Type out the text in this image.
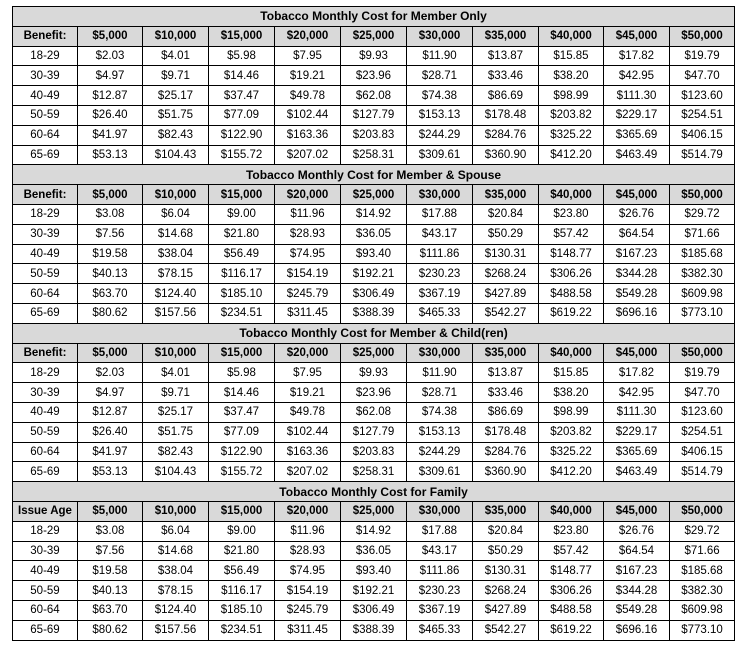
Tobacco Monthly Cost for Member Only										
Benefit:	$5,000	$10,000	$15,000	$20,000	$25,000	$30,000	$35,000	$40,000	$45,000	$50,000
18-29	$2.03	$4.01	$5.98	$7.95	$9.93	$11.90	$13.87	$15.85	$17.82	$19.79
30-39	$4.97	$9.71	$14.46	$19.21	$23.96	$28.71	$33.46	$38.20	$42.95	$47.70
40-49	$12.87	$25.17	$37.47	$49.78	$62.08	$74.38	$86.69	$98.99	$111.30	$123.60
50-59	$26.40	$51.75	$77.09	$102.44	$127.79	$153.13	$178.48	$203.82	$229.17	$254.51
60-64	$41.97	$82.43	$122.90	$163.36	$203.83	$244.29	$284.76	$325.22	$365.69	$406.15
65-69	$53.13	$104.43	$155.72	$207.02	$258.31	$309.61	$360.90	$412.20	$463.49	$514.79
Tobacco Monthly Cost for Member & Spouse										
Benefit:	$5,000	$10,000	$15,000	$20,000	$25,000	$30,000	$35,000	$40,000	$45,000	$50,000
18-29	$3.08	$6.04	$9.00	$11.96	$14.92	$17.88	$20.84	$23.80	$26.76	$29.72
30-39	$7.56	$14.68	$21.80	$28.93	$36.05	$43.17	$50.29	$57.42	$64.54	$71.66
40-49	$19.58	$38.04	$56.49	$74.95	$93.40	$111.86	$130.31	$148.77	$167.23	$185.68
50-59	$40.13	$78.15	$116.17	$154.19	$192.21	$230.23	$268.24	$306.26	$344.28	$382.30
60-64	$63.70	$124.40	$185.10	$245.79	$306.49	$367.19	$427.89	$488.58	$549.28	$609.98
65-69	$80.62	$157.56	$234.51	$311.45	$388.39	$465.33	$542.27	$619.22	$696.16	$773.10
Tobacco Monthly Cost for Member & Child(ren)										
Benefit:	$5,000	$10,000	$15,000	$20,000	$25,000	$30,000	$35,000	$40,000	$45,000	$50,000
18-29	$2.03	$4.01	$5.98	$7.95	$9.93	$11.90	$13.87	$15.85	$17.82	$19.79
30-39	$4.97	$9.71	$14.46	$19.21	$23.96	$28.71	$33.46	$38.20	$42.95	$47.70
40-49	$12.87	$25.17	$37.47	$49.78	$62.08	$74.38	$86.69	$98.99	$111.30	$123.60
50-59	$26.40	$51.75	$77.09	$102.44	$127.79	$153.13	$178.48	$203.82	$229.17	$254.51
60-64	$41.97	$82.43	$122.90	$163.36	$203.83	$244.29	$284.76	$325.22	$365.69	$406.15
65-69	$53.13	$104.43	$155.72	$207.02	$258.31	$309.61	$360.90	$412.20	$463.49	$514.79
Tobacco Monthly Cost for Family										
Issue Age	$5,000	$10,000	$15,000	$20,000	$25,000	$30,000	$35,000	$40,000	$45,000	$50,000
18-29	$3.08	$6.04	$9.00	$11.96	$14.92	$17.88	$20.84	$23.80	$26.76	$29.72
30-39	$7.56	$14.68	$21.80	$28.93	$36.05	$43.17	$50.29	$57.42	$64.54	$71.66
40-49	$19.58	$38.04	$56.49	$74.95	$93.40	$111.86	$130.31	$148.77	$167.23	$185.68
50-59	$40.13	$78.15	$116.17	$154.19	$192.21	$230.23	$268.24	$306.26	$344.28	$382.30
60-64	$63.70	$124.40	$185.10	$245.79	$306.49	$367.19	$427.89	$488.58	$549.28	$609.98
65-69	$80.62	$157.56	$234.51	$311.45	$388.39	$465.33	$542.27	$619.22	$696.16	$773.10
